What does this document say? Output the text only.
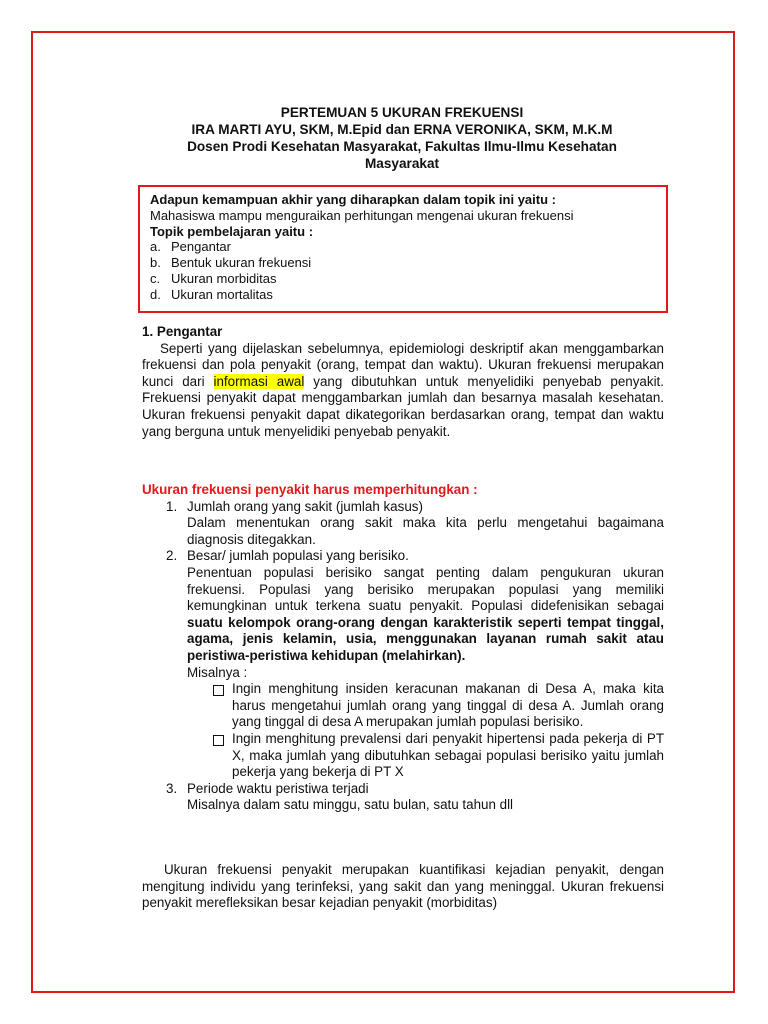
PERTEMUAN 5 UKURAN FREKUENSI
IRA MARTI AYU, SKM, M.Epid dan ERNA VERONIKA, SKM, M.K.M
Dosen Prodi Kesehatan Masyarakat, Fakultas Ilmu-Ilmu Kesehatan
Masyarakat
Adapun kemampuan akhir yang diharapkan dalam topik ini yaitu :
Mahasiswa mampu menguraikan perhitungan mengenai ukuran frekuensi
Topik pembelajaran yaitu :
a. Pengantar
b. Bentuk ukuran frekuensi
c. Ukuran morbiditas
d. Ukuran mortalitas
1. Pengantar
Seperti yang dijelaskan sebelumnya, epidemiologi deskriptif akan menggambarkan frekuensi dan pola penyakit (orang, tempat dan waktu). Ukuran frekuensi merupakan kunci dari informasi awal yang dibutuhkan untuk menyelidiki penyebab penyakit. Frekuensi penyakit dapat menggambarkan jumlah dan besarnya masalah kesehatan. Ukuran frekuensi penyakit dapat dikategorikan berdasarkan orang, tempat dan waktu yang berguna untuk menyelidiki penyebab penyakit.
Ukuran frekuensi penyakit harus memperhitungkan :
1. Jumlah orang yang sakit (jumlah kasus)
Dalam menentukan orang sakit maka kita perlu mengetahui bagaimana diagnosis ditegakkan.
2. Besar/ jumlah populasi yang berisiko.
Penentuan populasi berisiko sangat penting dalam pengukuran ukuran frekuensi. Populasi yang berisiko merupakan populasi yang memiliki kemungkinan untuk terkena suatu penyakit. Populasi didefenisikan sebagai suatu kelompok orang-orang dengan karakteristik seperti tempat tinggal, agama, jenis kelamin, usia, menggunakan layanan rumah sakit atau peristiwa-peristiwa kehidupan (melahirkan).
Misalnya :
Ingin menghitung insiden keracunan makanan di Desa A, maka kita harus mengetahui jumlah orang yang tinggal di desa A. Jumlah orang yang tinggal di desa A merupakan jumlah populasi berisiko.
Ingin menghitung prevalensi dari penyakit hipertensi pada pekerja di PT X, maka jumlah yang dibutuhkan sebagai populasi berisiko yaitu jumlah pekerja yang bekerja di PT X
3. Periode waktu peristiwa terjadi
Misalnya dalam satu minggu, satu bulan, satu tahun dll
Ukuran frekuensi penyakit merupakan kuantifikasi kejadian penyakit, dengan mengitung individu yang terinfeksi, yang sakit dan yang meninggal. Ukuran frekuensi penyakit merefleksikan besar kejadian penyakit (morbiditas)
